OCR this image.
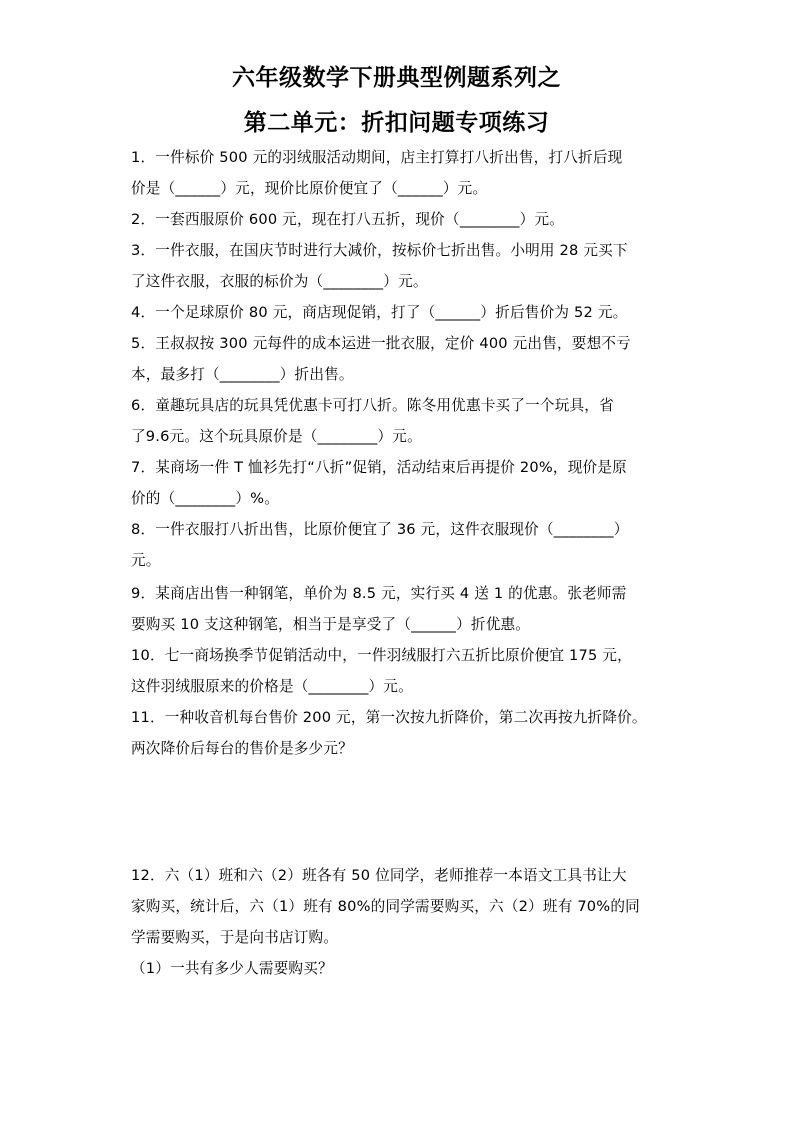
六年级数学下册典型例题系列之
第二单元：折扣问题专项练习
1．一件标价 500 元的羽绒服活动期间，店主打算打八折出售，打八折后现
价是（______）元，现价比原价便宜了（______）元。
2．一套西服原价 600 元，现在打八五折，现价（________）元。
3．一件衣服，在国庆节时进行大减价，按标价七折出售。小明用 28 元买下
了这件衣服，衣服的标价为（________）元。
4．一个足球原价 80 元，商店现促销，打了（______）折后售价为 52 元。
5．王叔叔按 300 元每件的成本运进一批衣服，定价 400 元出售，要想不亏
本，最多打（________）折出售。
6．童趣玩具店的玩具凭优惠卡可打八折。陈冬用优惠卡买了一个玩具，省
了9.6元。这个玩具原价是（________）元。
7．某商场一件 T 恤衫先打“八折”促销，活动结束后再提价 20%，现价是原
价的（________）%。
8．一件衣服打八折出售，比原价便宜了 36 元，这件衣服现价（________）
元。
9．某商店出售一种钢笔，单价为 8.5 元，实行买 4 送 1 的优惠。张老师需
要购买 10 支这种钢笔，相当于是享受了（______）折优惠。
10．七一商场换季节促销活动中，一件羽绒服打六五折比原价便宜 175 元，
这件羽绒服原来的价格是（________）元。
11．一种收音机每台售价 200 元，第一次按九折降价，第二次再按九折降价。
两次降价后每台的售价是多少元？
12．六（1）班和六（2）班各有 50 位同学，老师推荐一本语文工具书让大
家购买，统计后，六（1）班有 80%的同学需要购买，六（2）班有 70%的同
学需要购买，于是向书店订购。
（1）一共有多少人需要购买？
